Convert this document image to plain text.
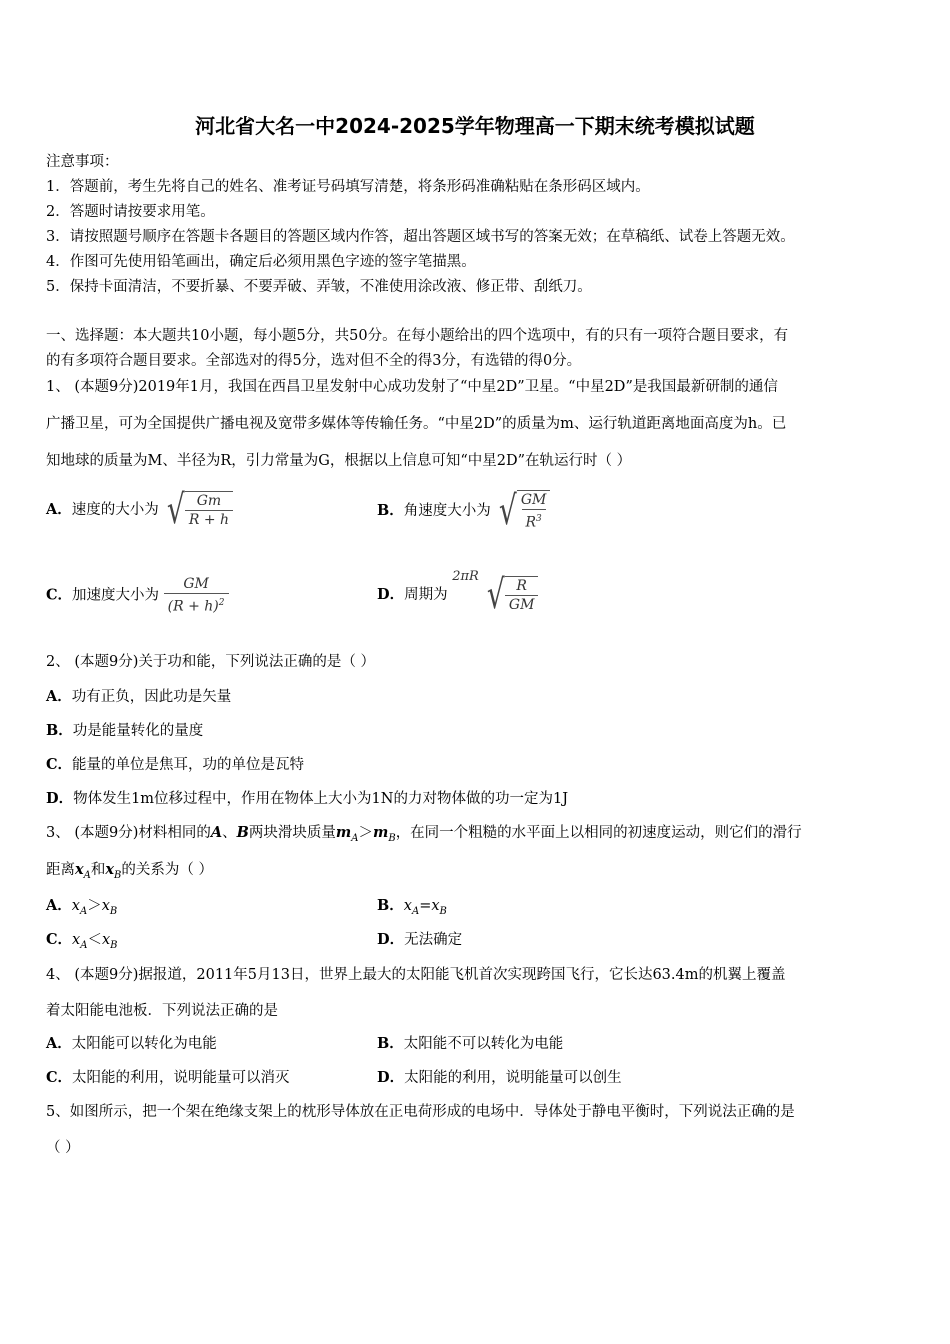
河北省大名一中2024-2025学年物理高一下期末统考模拟试题
注意事项：
1．答题前，考生先将自己的姓名、准考证号码填写清楚，将条形码准确粘贴在条形码区域内。
2．答题时请按要求用笔。
3．请按照题号顺序在答题卡各题目的答题区域内作答，超出答题区域书写的答案无效；在草稿纸、试卷上答题无效。
4．作图可先使用铅笔画出，确定后必须用黑色字迹的签字笔描黑。
5．保持卡面清洁，不要折暴、不要弄破、弄皱，不准使用涂改液、修正带、刮纸刀。
一、选择题：本大题共10小题，每小题5分，共50分。在每小题给出的四个选项中，有的只有一项符合题目要求，有
的有多项符合题目要求。全部选对的得5分，选对但不全的得3分，有选错的得0分。
1、 (本题9分)2019年1月，我国在西昌卫星发射中心成功发射了“中星2D”卫星。“中星2D”是我国最新研制的通信
广播卫星，可为全国提供广播电视及宽带多媒体等传输任务。“中星2D”的质量为m、运行轨道距离地面高度为h。已
知地球的质量为M、半径为R，引力常量为G，根据以上信息可知“中星2D”在轨运行时（ ）
A．速度的大小为 √ $\frac{Gm}{R + h}$	B．角速度大小为 √ $\frac{GM}{R^3}$
C．加速度大小为 $\frac{GM}{(R + h)^2}$	D．周期为 2πR √ $\frac{R}{GM}$
2、 (本题9分)关于功和能，下列说法正确的是（ ）
A．功有正负，因此功是矢量
B．功是能量转化的量度
C．能量的单位是焦耳，功的单位是瓦特
D．物体发生1m位移过程中，作用在物体上大小为1N的力对物体做的功一定为1J
3、 (本题9分)材料相同的A、B两块滑块质量$m_A>m_B$，在同一个粗糙的水平面上以相同的初速度运动，则它们的滑行
距离$x_A$和$x_B$的关系为（ ）
A．$x_A>x_B$	B．$x_A=x_B$
C．$x_A<x_B$	D．无法确定
4、 (本题9分)据报道，2011年5月13日，世界上最大的太阳能飞机首次实现跨国飞行，它长达63.4m的机翼上覆盖
着太阳能电池板．下列说法正确的是
A．太阳能可以转化为电能	B．太阳能不可以转化为电能
C．太阳能的利用，说明能量可以消灭	D．太阳能的利用，说明能量可以创生
5、如图所示，把一个架在绝缘支架上的枕形导体放在正电荷形成的电场中．导体处于静电平衡时，下列说法正确的是
（ ）
